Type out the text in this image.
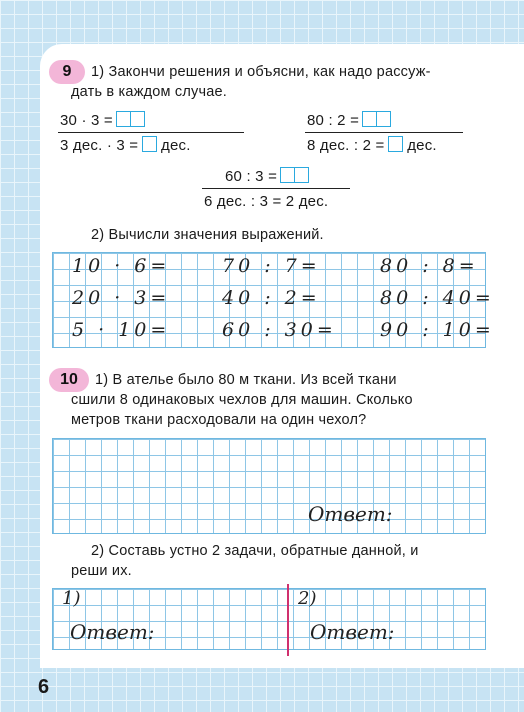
9	1) Закончи решения и объясни, как надо рассуж-
дать в каждом случае.
30 · 3 =
3 дес. · 3 = дес.
80 : 2 =
8 дес. : 2 = дес.
60 : 3 =
6 дес. : 3 = 2 дес.
2) Вычисли значения выражений.
10 · 6=	70 : 7=	80 : 8=
20 · 3=	40 : 2=	80 : 40=
5 · 10=	60 : 30= 90 : 10=
10	1) В ателье было 80 м ткани. Из всей ткани
сшили 8 одинаковых чехлов для машин. Сколько
метров ткани расходовали на один чехол?
Ответ:
2) Составь устно 2 задачи, обратные данной, и
реши их.
1)	2)
Ответ:	Ответ:
6
